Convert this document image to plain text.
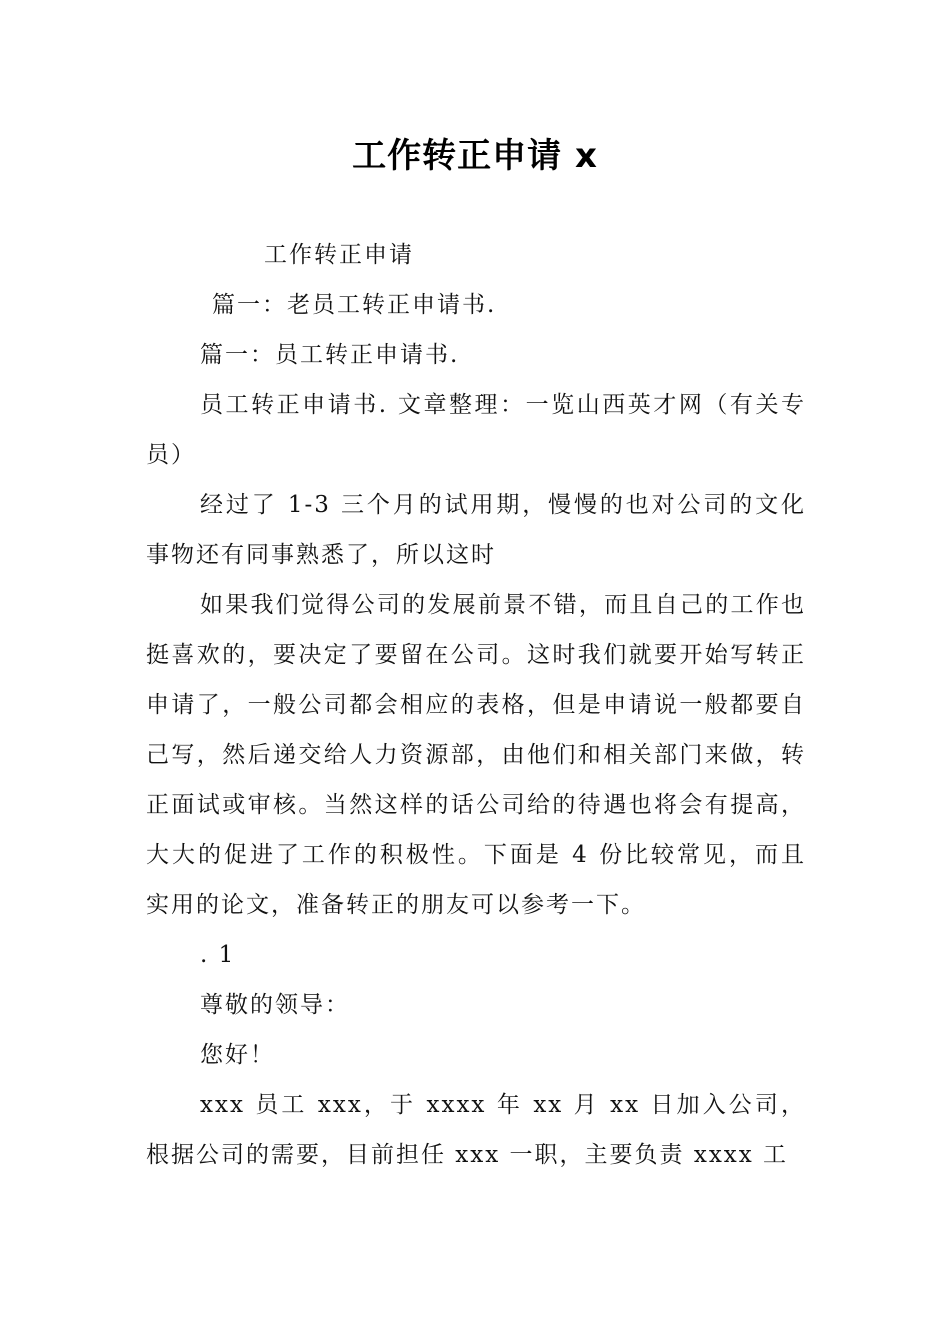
工作转正申请 x

工作转正申请

篇一：老员工转正申请书.

篇一：员工转正申请书.

员工转正申请书. 文章整理：一览山西英才网（有关专员）

经过了 1-3 三个月的试用期，慢慢的也对公司的文化事物还有同事熟悉了，所以这时

如果我们觉得公司的发展前景不错，而且自己的工作也挺喜欢的，要决定了要留在公司。这时我们就要开始写转正申请了，一般公司都会相应的表格，但是申请说一般都要自己写，然后递交给人力资源部，由他们和相关部门来做，转正面试或审核。当然这样的话公司给的待遇也将会有提高，大大的促进了工作的积极性。下面是 4 份比较常见，而且实用的论文，准备转正的朋友可以参考一下。

. 1

尊敬的领导：

您好！

xxx 员工 xxx，于 xxxx 年 xx 月 xx 日加入公司，根据公司的需要，目前担任 xxx 一职，主要负责 xxxx 工
